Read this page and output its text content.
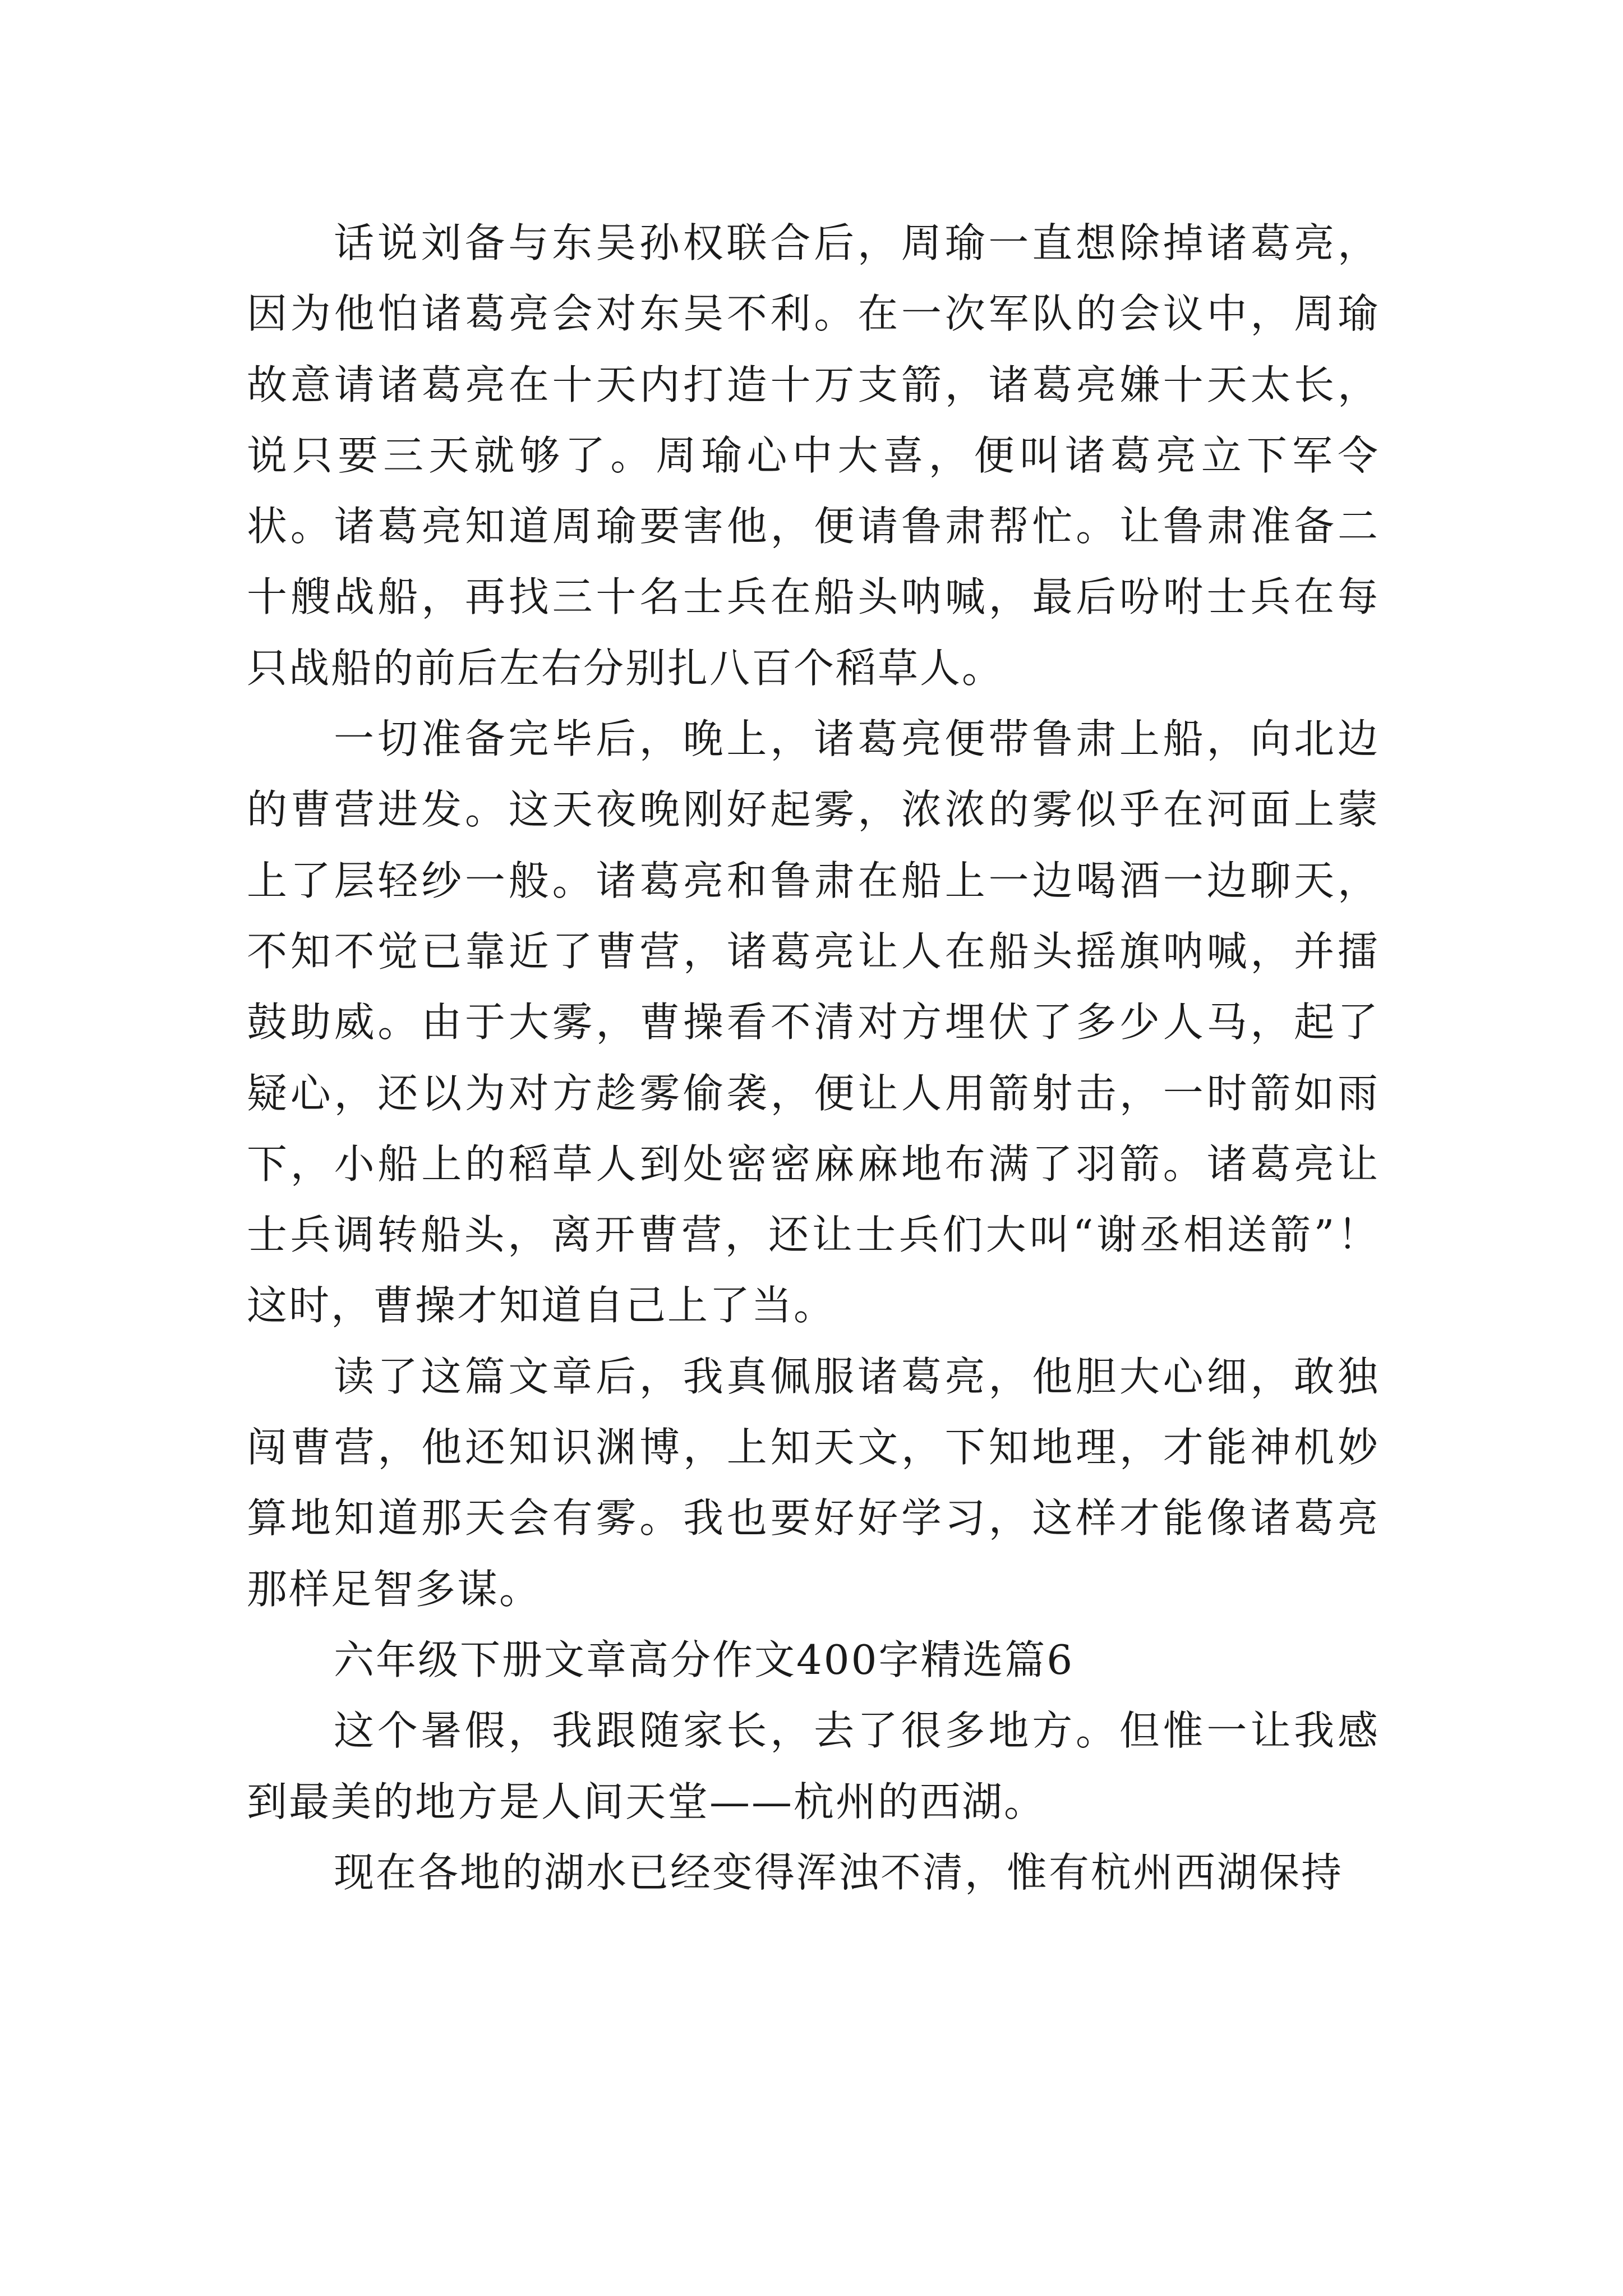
话说刘备与东吴孙权联合后，周瑜一直想除掉诸葛亮，因为他怕诸葛亮会对东吴不利。在一次军队的会议中，周瑜故意请诸葛亮在十天内打造十万支箭，诸葛亮嫌十天太长，说只要三天就够了。周瑜心中大喜，便叫诸葛亮立下军令状。诸葛亮知道周瑜要害他，便请鲁肃帮忙。让鲁肃准备二十艘战船，再找三十名士兵在船头呐喊，最后吩咐士兵在每只战船的前后左右分别扎八百个稻草人。

一切准备完毕后，晚上，诸葛亮便带鲁肃上船，向北边的曹营进发。这天夜晚刚好起雾，浓浓的雾似乎在河面上蒙上了层轻纱一般。诸葛亮和鲁肃在船上一边喝酒一边聊天，不知不觉已靠近了曹营，诸葛亮让人在船头摇旗呐喊，并擂鼓助威。由于大雾，曹操看不清对方埋伏了多少人马，起了疑心，还以为对方趁雾偷袭，便让人用箭射击，一时箭如雨下，小船上的稻草人到处密密麻麻地布满了羽箭。诸葛亮让士兵调转船头，离开曹营，还让士兵们大叫“谢丞相送箭”！这时，曹操才知道自己上了当。

读了这篇文章后，我真佩服诸葛亮，他胆大心细，敢独闯曹营，他还知识渊博，上知天文，下知地理，才能神机妙算地知道那天会有雾。我也要好好学习，这样才能像诸葛亮那样足智多谋。

六年级下册文章高分作文400字精选篇6

这个暑假，我跟随家长，去了很多地方。但惟一让我感到最美的地方是人间天堂——杭州的西湖。

现在各地的湖水已经变得浑浊不清，惟有杭州西湖保持
